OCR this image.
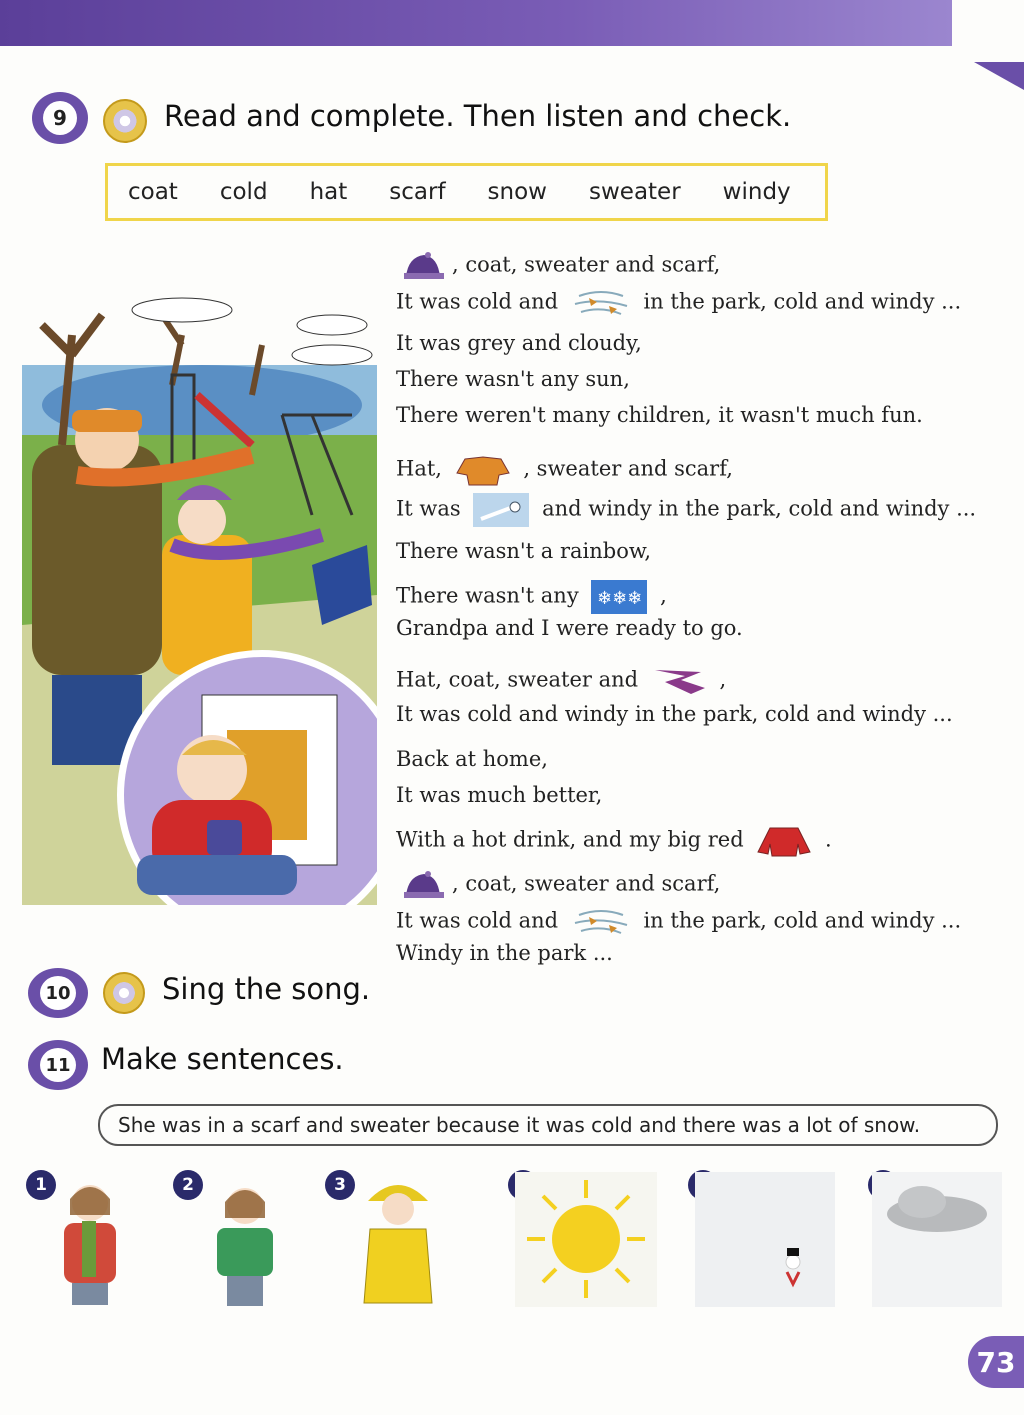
9	Read and complete. Then listen and check.
coat cold hat scarf snow sweater windy
, coat, sweater and scarf,
It was cold and	in the park, cold and windy ...
It was grey and cloudy,
There wasn't any sun,
There weren't many children, it wasn't much fun.
Hat,	, sweater and scarf,
It was	and windy in the park, cold and windy ...
There wasn't a rainbow,
There wasn't any ❄❄❄ ,
Grandpa and I were ready to go.
Hat, coat, sweater and	,
It was cold and windy in the park, cold and windy ...
Back at home,
It was much better,
With a hot drink, and my big red	.
, coat, sweater and scarf,
It was cold and	in the park, cold and windy ...
Windy in the park ...
10	Sing the song.
11 Make sentences.
She was in a scarf and sweater because it was cold and there was a lot of snow.
1	2	3
73
